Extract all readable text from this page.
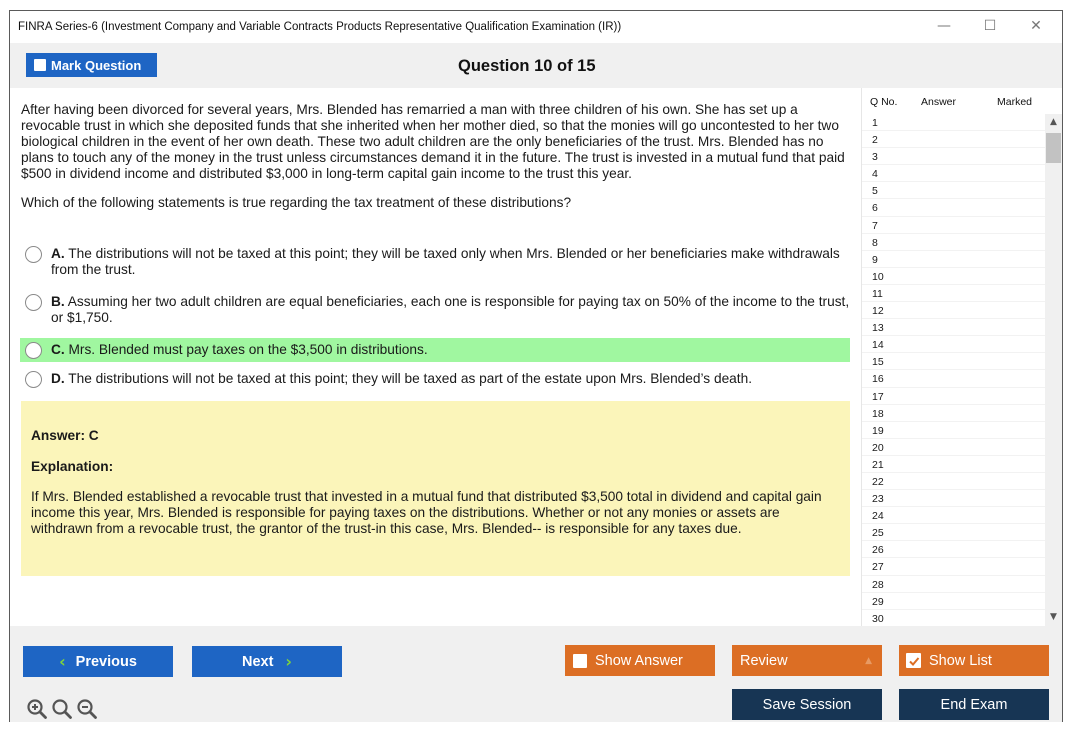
FINRA Series-6 (Investment Company and Variable Contracts Products Representative Qualification Examination (IR))	—	☐	✕
Mark Question	Question 10 of 15
After having been divorced for several years, Mrs. Blended has remarried a man with three children of his own. She has set up a revocable trust in which she deposited funds that she inherited when her mother died, so that the monies will go uncontested to her two biological children in the event of her own death. These two adult children are the only beneficiaries of the trust. Mrs. Blended has no plans to touch any of the money in the trust unless circumstances demand it in the future. The trust is invested in a mutual fund that paid $500 in dividend income and distributed $3,000 in long-term capital gain income to the trust this year.
Which of the following statements is true regarding the tax treatment of these distributions?
A. The distributions will not be taxed at this point; they will be taxed only when Mrs. Blended or her beneficiaries make withdrawals from the trust.
B. Assuming her two adult children are equal beneficiaries, each one is responsible for paying tax on 50% of the income to the trust, or $1,750.
C. Mrs. Blended must pay taxes on the $3,500 in distributions.
D. The distributions will not be taxed at this point; they will be taxed as part of the estate upon Mrs. Blended’s death.
Answer: C
Explanation:
If Mrs. Blended established a revocable trust that invested in a mutual fund that distributed $3,500 total in dividend and capital gain income this year, Mrs. Blended is responsible for paying taxes on the distributions. Whether or not any monies or assets are withdrawn from a revocable trust, the grantor of the trust-in this case, Mrs. Blended-- is responsible for any taxes due.
Q No. Answer	Marked
1
2
3
4
5
6
7
8
9
10
11
12
13
14
15
16
17
18
19
20
21
22
23
24
25
26
27
28
29
30
▲
▼
‹ Previous	Next ›	Show Answer	Review	▲	Show List
Save Session	End Exam
